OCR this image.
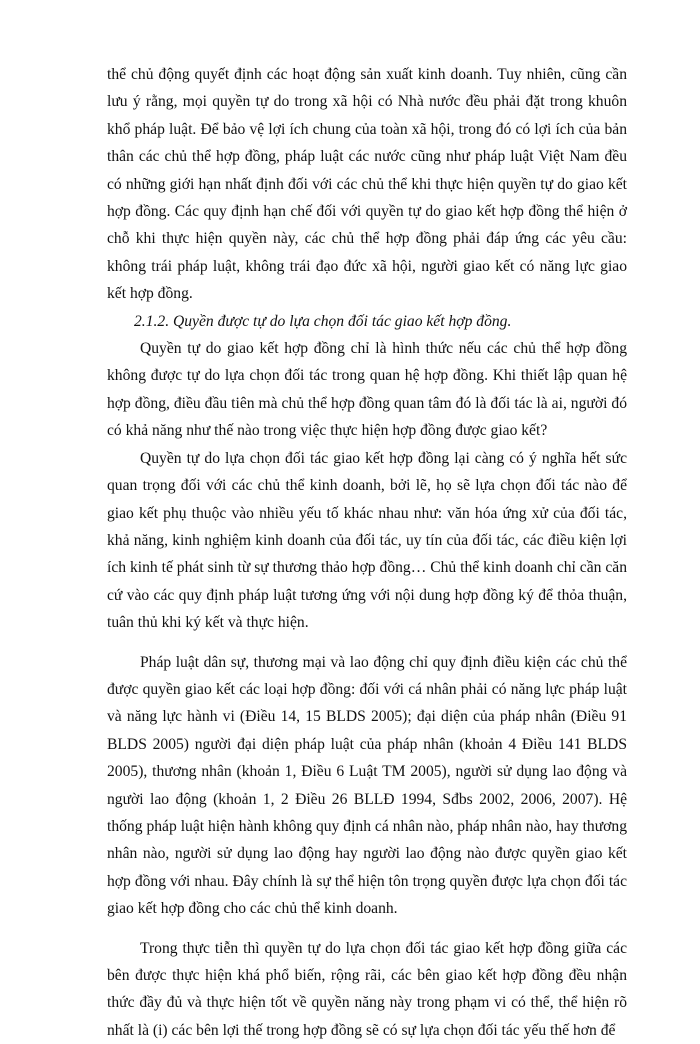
thể chủ động quyết định các hoạt động sản xuất kinh doanh. Tuy nhiên, cũng cần lưu ý rằng, mọi quyền tự do trong xã hội có Nhà nước đều phải đặt trong khuôn khổ pháp luật. Để bảo vệ lợi ích chung của toàn xã hội, trong đó có lợi ích của bản thân các chủ thể hợp đồng, pháp luật các nước cũng như pháp luật Việt Nam đều có những giới hạn nhất định đối với các chủ thể khi thực hiện quyền tự do giao kết hợp đồng. Các quy định hạn chế đối với quyền tự do giao kết hợp đồng thể hiện ở chỗ khi thực hiện quyền này, các chủ thể hợp đồng phải đáp ứng các yêu cầu: không trái pháp luật, không trái đạo đức xã hội, người giao kết có năng lực giao kết hợp đồng.

2.1.2. Quyền được tự do lựa chọn đối tác giao kết hợp đồng.

Quyền tự do giao kết hợp đồng chỉ là hình thức nếu các chủ thể hợp đồng không được tự do lựa chọn đối tác trong quan hệ hợp đồng. Khi thiết lập quan hệ hợp đồng, điều đầu tiên mà chủ thể hợp đồng quan tâm đó là đối tác là ai, người đó có khả năng như thế nào trong việc thực hiện hợp đồng được giao kết?

Quyền tự do lựa chọn đối tác giao kết hợp đồng lại càng có ý nghĩa hết sức quan trọng đối với các chủ thể kinh doanh, bởi lẽ, họ sẽ lựa chọn đối tác nào để giao kết phụ thuộc vào nhiều yếu tố khác nhau như: văn hóa ứng xử của đối tác, khả năng, kinh nghiệm kinh doanh của đối tác, uy tín của đối tác, các điều kiện lợi ích kinh tế phát sinh từ sự thương thảo hợp đồng… Chủ thể kinh doanh chỉ cần căn cứ vào các quy định pháp luật tương ứng với nội dung hợp đồng ký để thỏa thuận, tuân thủ khi ký kết và thực hiện.

Pháp luật dân sự, thương mại và lao động chỉ quy định điều kiện các chủ thể được quyền giao kết các loại hợp đồng: đối với cá nhân phải có năng lực pháp luật và năng lực hành vi (Điều 14, 15 BLDS 2005); đại diện của pháp nhân (Điều 91 BLDS 2005) người đại diện pháp luật của pháp nhân (khoản 4 Điều 141 BLDS 2005), thương nhân (khoản 1, Điều 6 Luật TM 2005), người sử dụng lao động và người lao động (khoản 1, 2 Điều 26 BLLĐ 1994, Sđbs 2002, 2006, 2007). Hệ thống pháp luật hiện hành không quy định cá nhân nào, pháp nhân nào, hay thương nhân nào, người sử dụng lao động hay người lao động nào được quyền giao kết hợp đồng với nhau. Đây chính là sự thể hiện tôn trọng quyền được lựa chọn đối tác giao kết hợp đồng cho các chủ thể kinh doanh.

Trong thực tiễn thì quyền tự do lựa chọn đối tác giao kết hợp đồng giữa các bên được thực hiện khá phổ biến, rộng rãi, các bên giao kết hợp đồng đều nhận thức đầy đủ và thực hiện tốt về quyền năng này trong phạm vi có thể, thể hiện rõ nhất là (i) các bên lợi thế trong hợp đồng sẽ có sự lựa chọn đối tác yếu thế hơn để
